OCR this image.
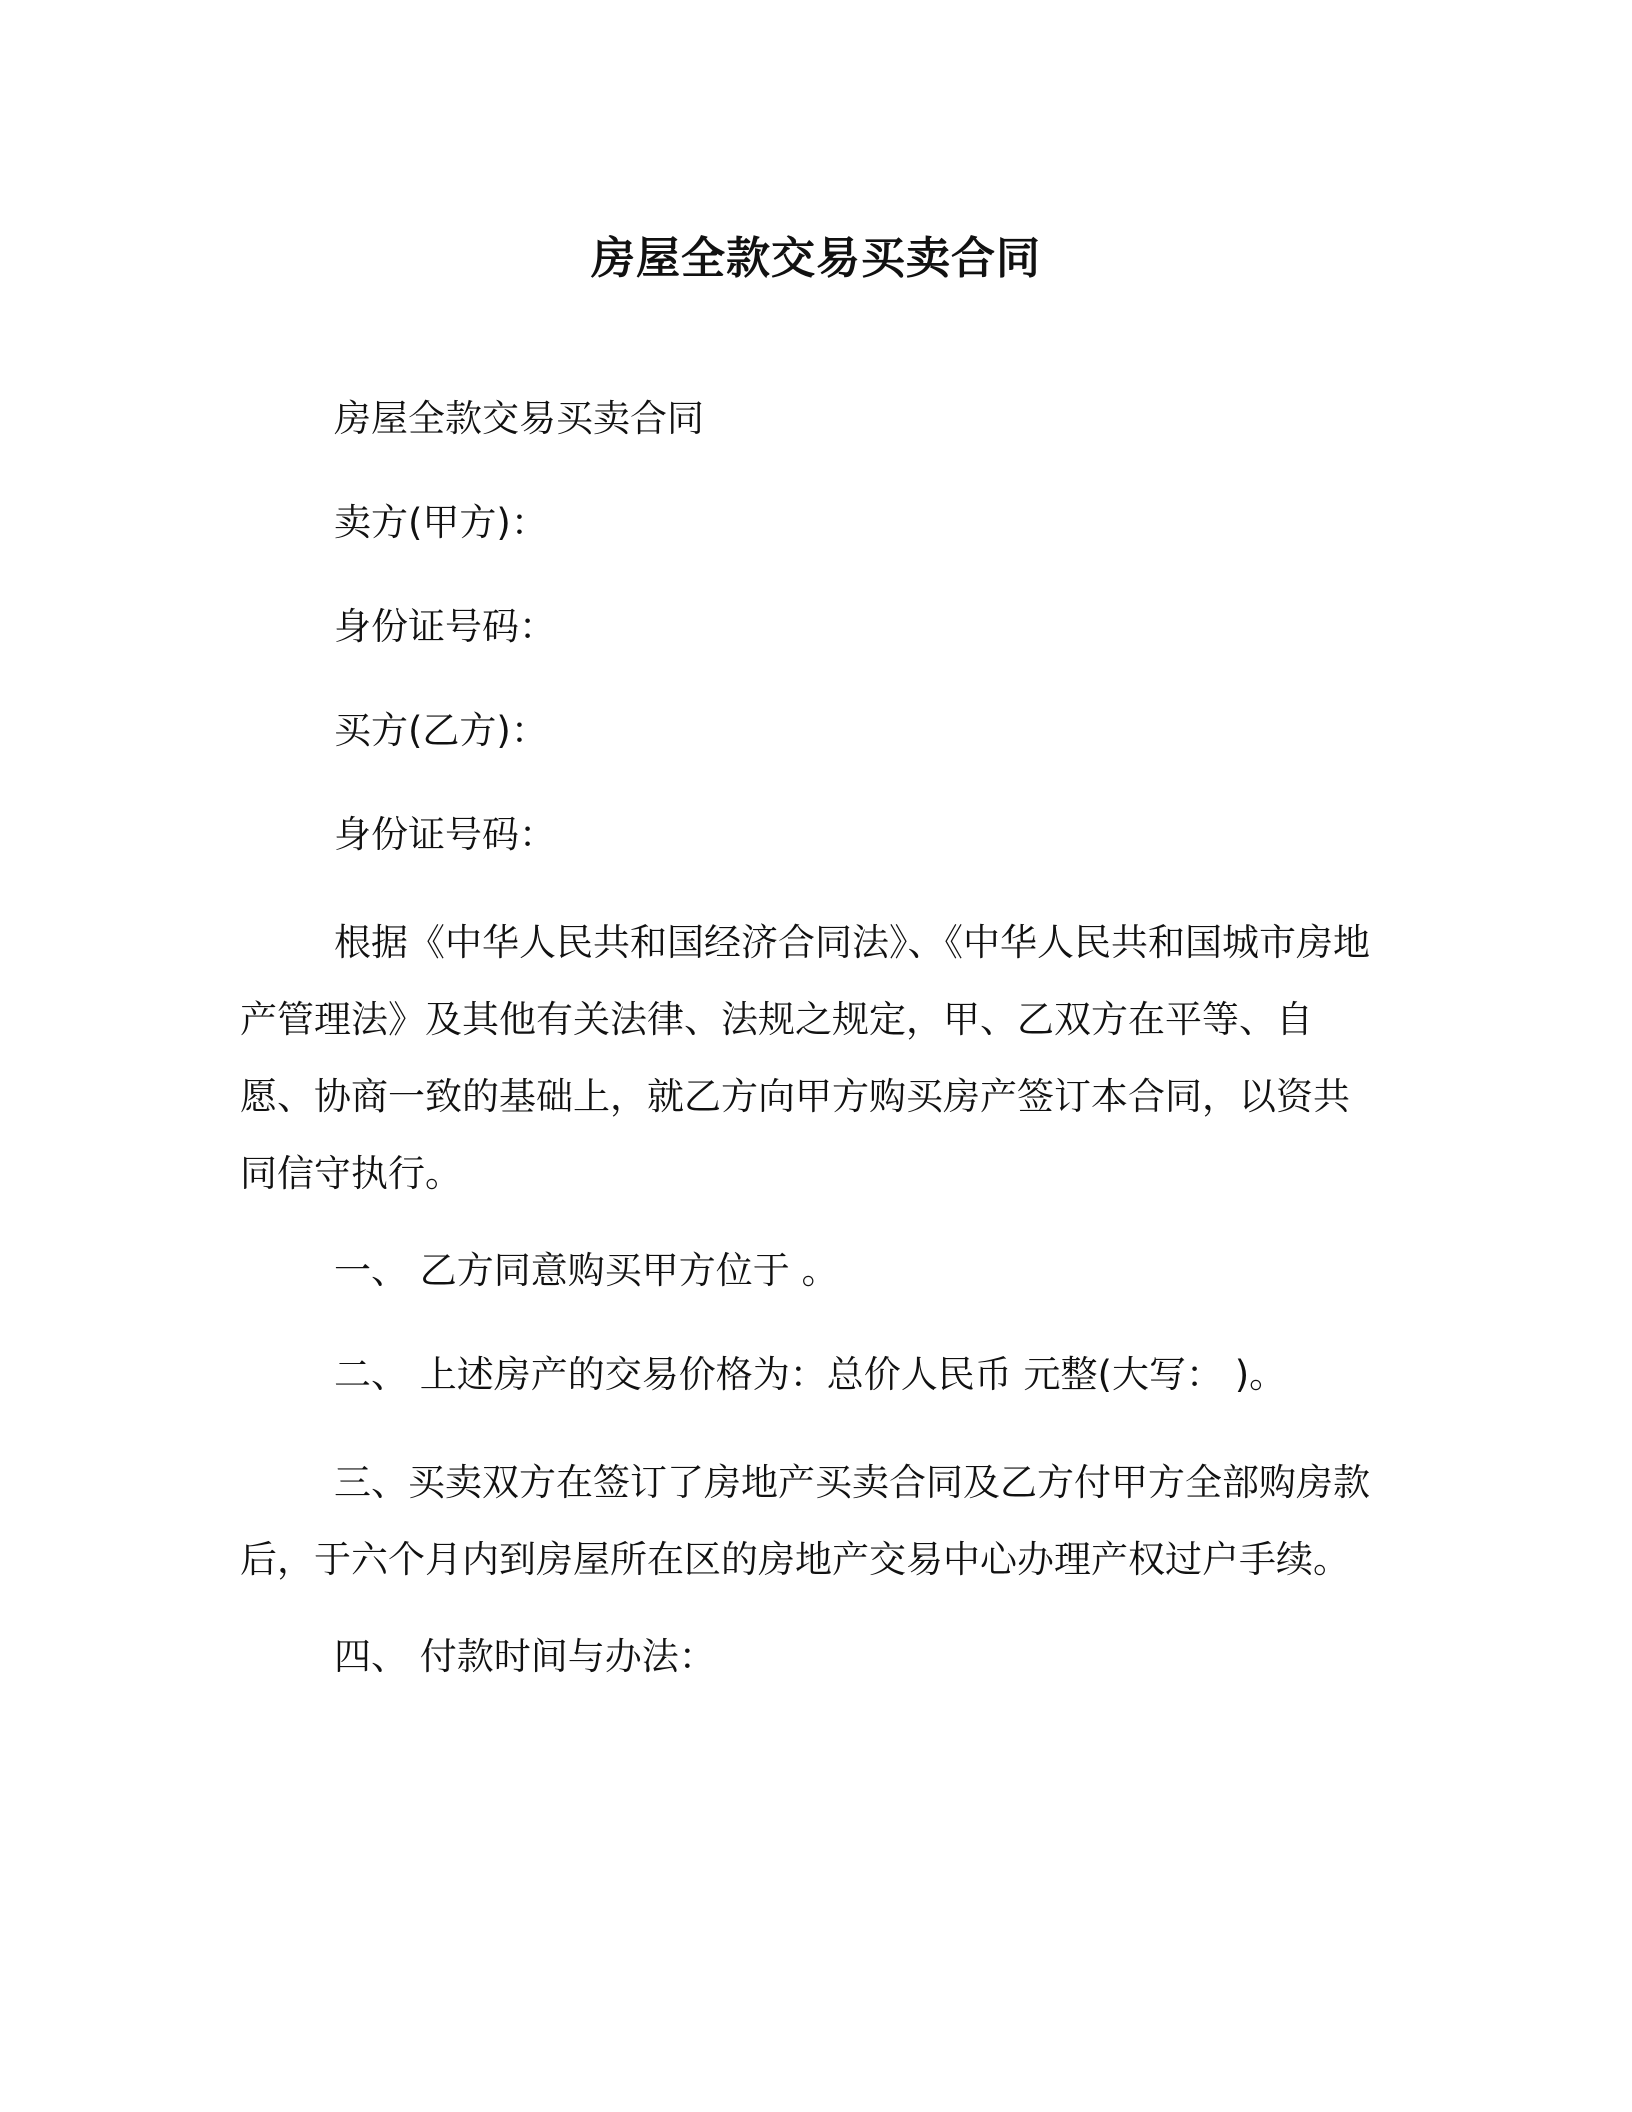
房屋全款交易买卖合同
房屋全款交易买卖合同
卖方(甲方)：
身份证号码：
买方(乙方)：
身份证号码：
根据《中华人民共和国经济合同法》、《中华人民共和国城市房地产管理法》及其他有关法律、法规之规定，甲、乙双方在平等、自愿、协商一致的基础上，就乙方向甲方购买房产签订本合同，以资共同信守执行。
一、 乙方同意购买甲方位于 。
二、 上述房产的交易价格为：总价人民币 元整(大写： )。
三、买卖双方在签订了房地产买卖合同及乙方付甲方全部购房款后，于六个月内到房屋所在区的房地产交易中心办理产权过户手续。
四、 付款时间与办法：
